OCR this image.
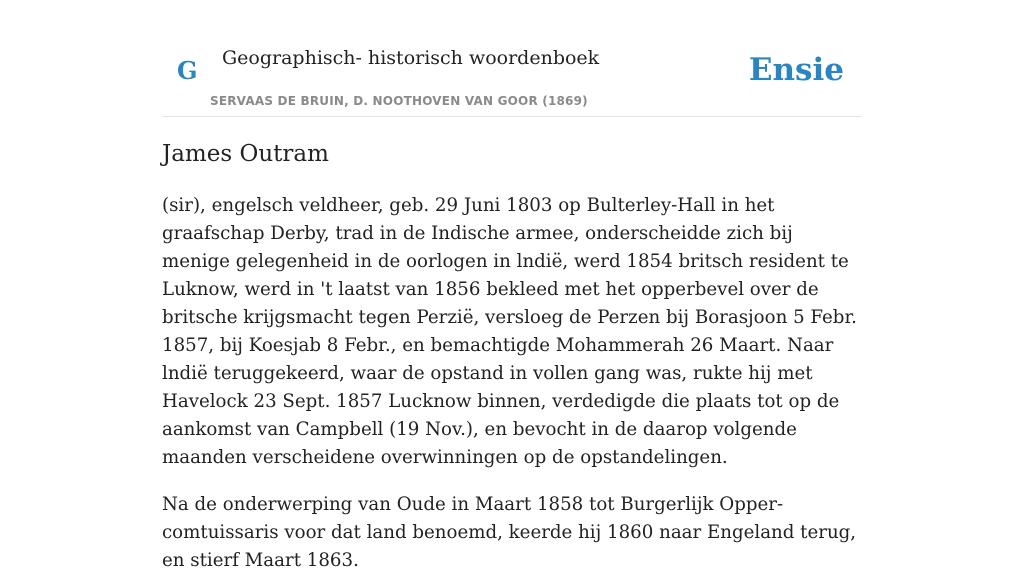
G Geographisch- historisch woordenboek
SERVAAS DE BRUIN, D. NOOTHOVEN VAN GOOR (1869)
Ensie
James Outram

(sir), engelsch veldheer, geb. 29 Juni 1803 op Bulterley-Hall in het graafschap Derby, trad in de Indische armee, onderscheidde zich bij menige gelegenheid in de oorlogen in lndië, werd 1854 britsch resident te Luknow, werd in 't laatst van 1856 bekleed met het opperbevel over de britsche krijgsmacht tegen Perzië, versloeg de Perzen bij Borasjoon 5 Febr. 1857, bij Koesjab 8 Febr., en bemachtigde Mohammerah 26 Maart. Naar lndië teruggekeerd, waar de opstand in vollen gang was, rukte hij met Havelock 23 Sept. 1857 Lucknow binnen, verdedigde die plaats tot op de aankomst van Campbell (19 Nov.), en bevocht in de daarop volgende maanden verscheidene overwinningen op de opstandelingen.

Na de onderwerping van Oude in Maart 1858 tot Burgerlijk Opper-comtuissaris voor dat land benoemd, keerde hij 1860 naar Engeland terug, en stierf Maart 1863.
